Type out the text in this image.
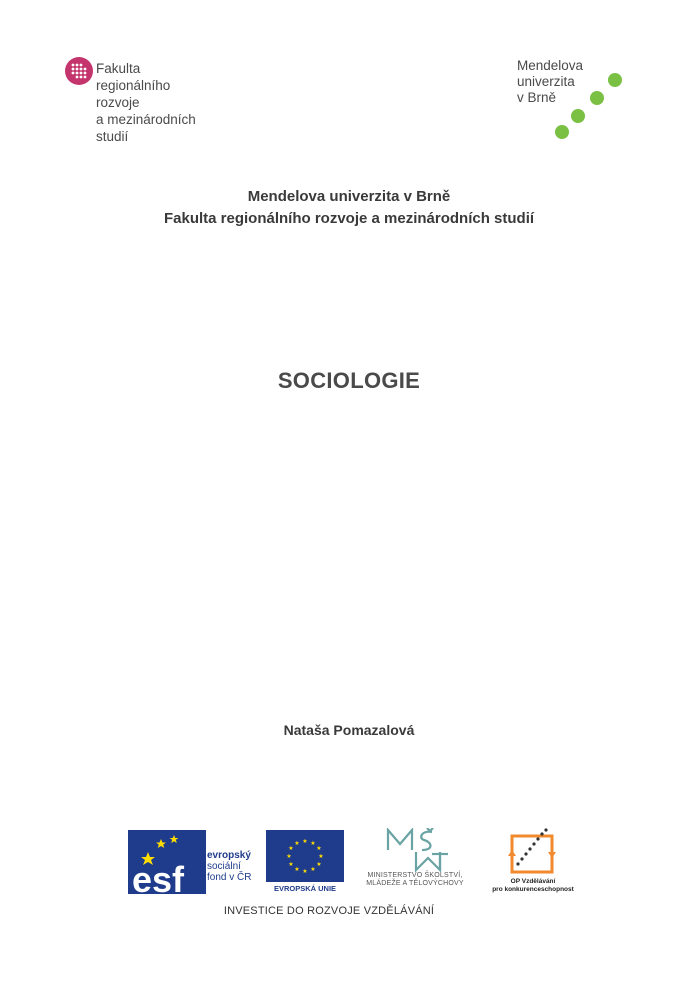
Fakulta
regionálního
rozvoje
a mezinárodních
studií
Mendelova
univerzita
v Brně
Mendelova univerzita v Brně
Fakulta regionálního rozvoje a mezinárodních studií
SOCIOLOGIE
Nataša Pomazalová
esf
evropský
sociální
fond v ČR
★ ★
★
★
★
★
★
★
★
★
★
★
EVROPSKÁ UNIE
MINISTERSTVO ŠKOLSTVÍ,
MLÁDEŽE A TĚLOVÝCHOVY	OP Vzdělávání
pro konkurenceschopnost
INVESTICE DO ROZVOJE VZDĚLÁVÁNÍ
